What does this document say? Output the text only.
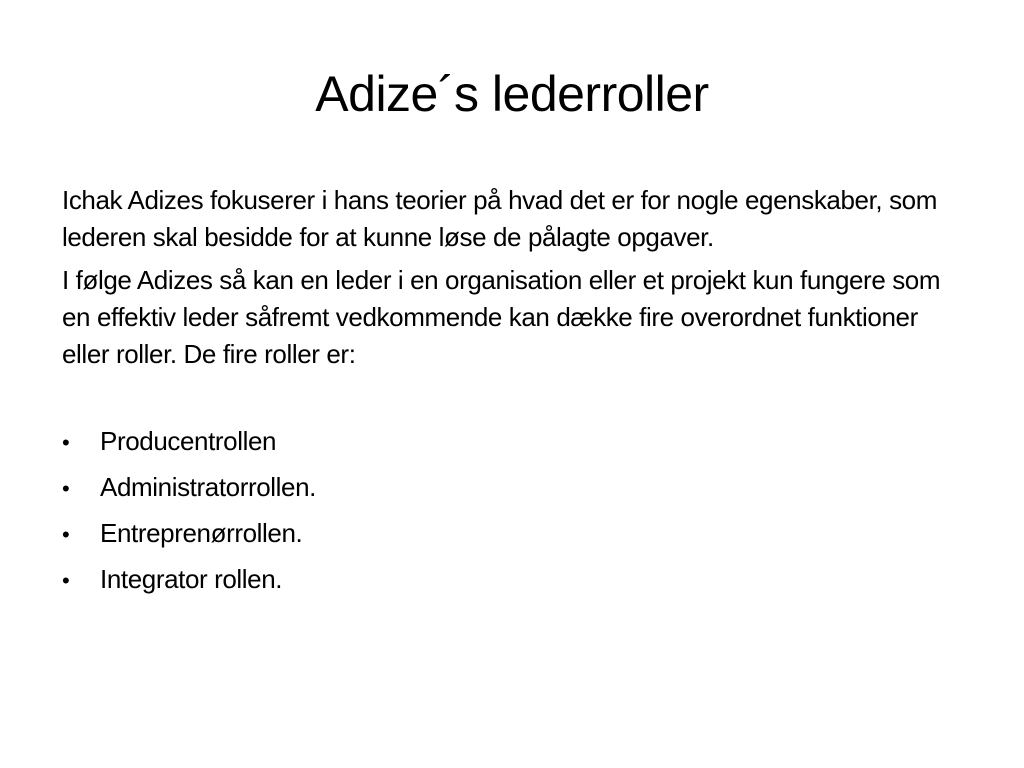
Adize´s lederroller

Ichak Adizes fokuserer i hans teorier på hvad det er for nogle egenskaber, som lederen skal besidde for at kunne løse de pålagte opgaver.

I følge Adizes så kan en leder i en organisation eller et projekt kun fungere som en effektiv leder såfremt vedkommende kan dække fire overordnet funktioner eller roller. De fire roller er:

•	Producentrollen
•	Administratorrollen.
•	Entreprenørrollen.
•	Integrator rollen.
